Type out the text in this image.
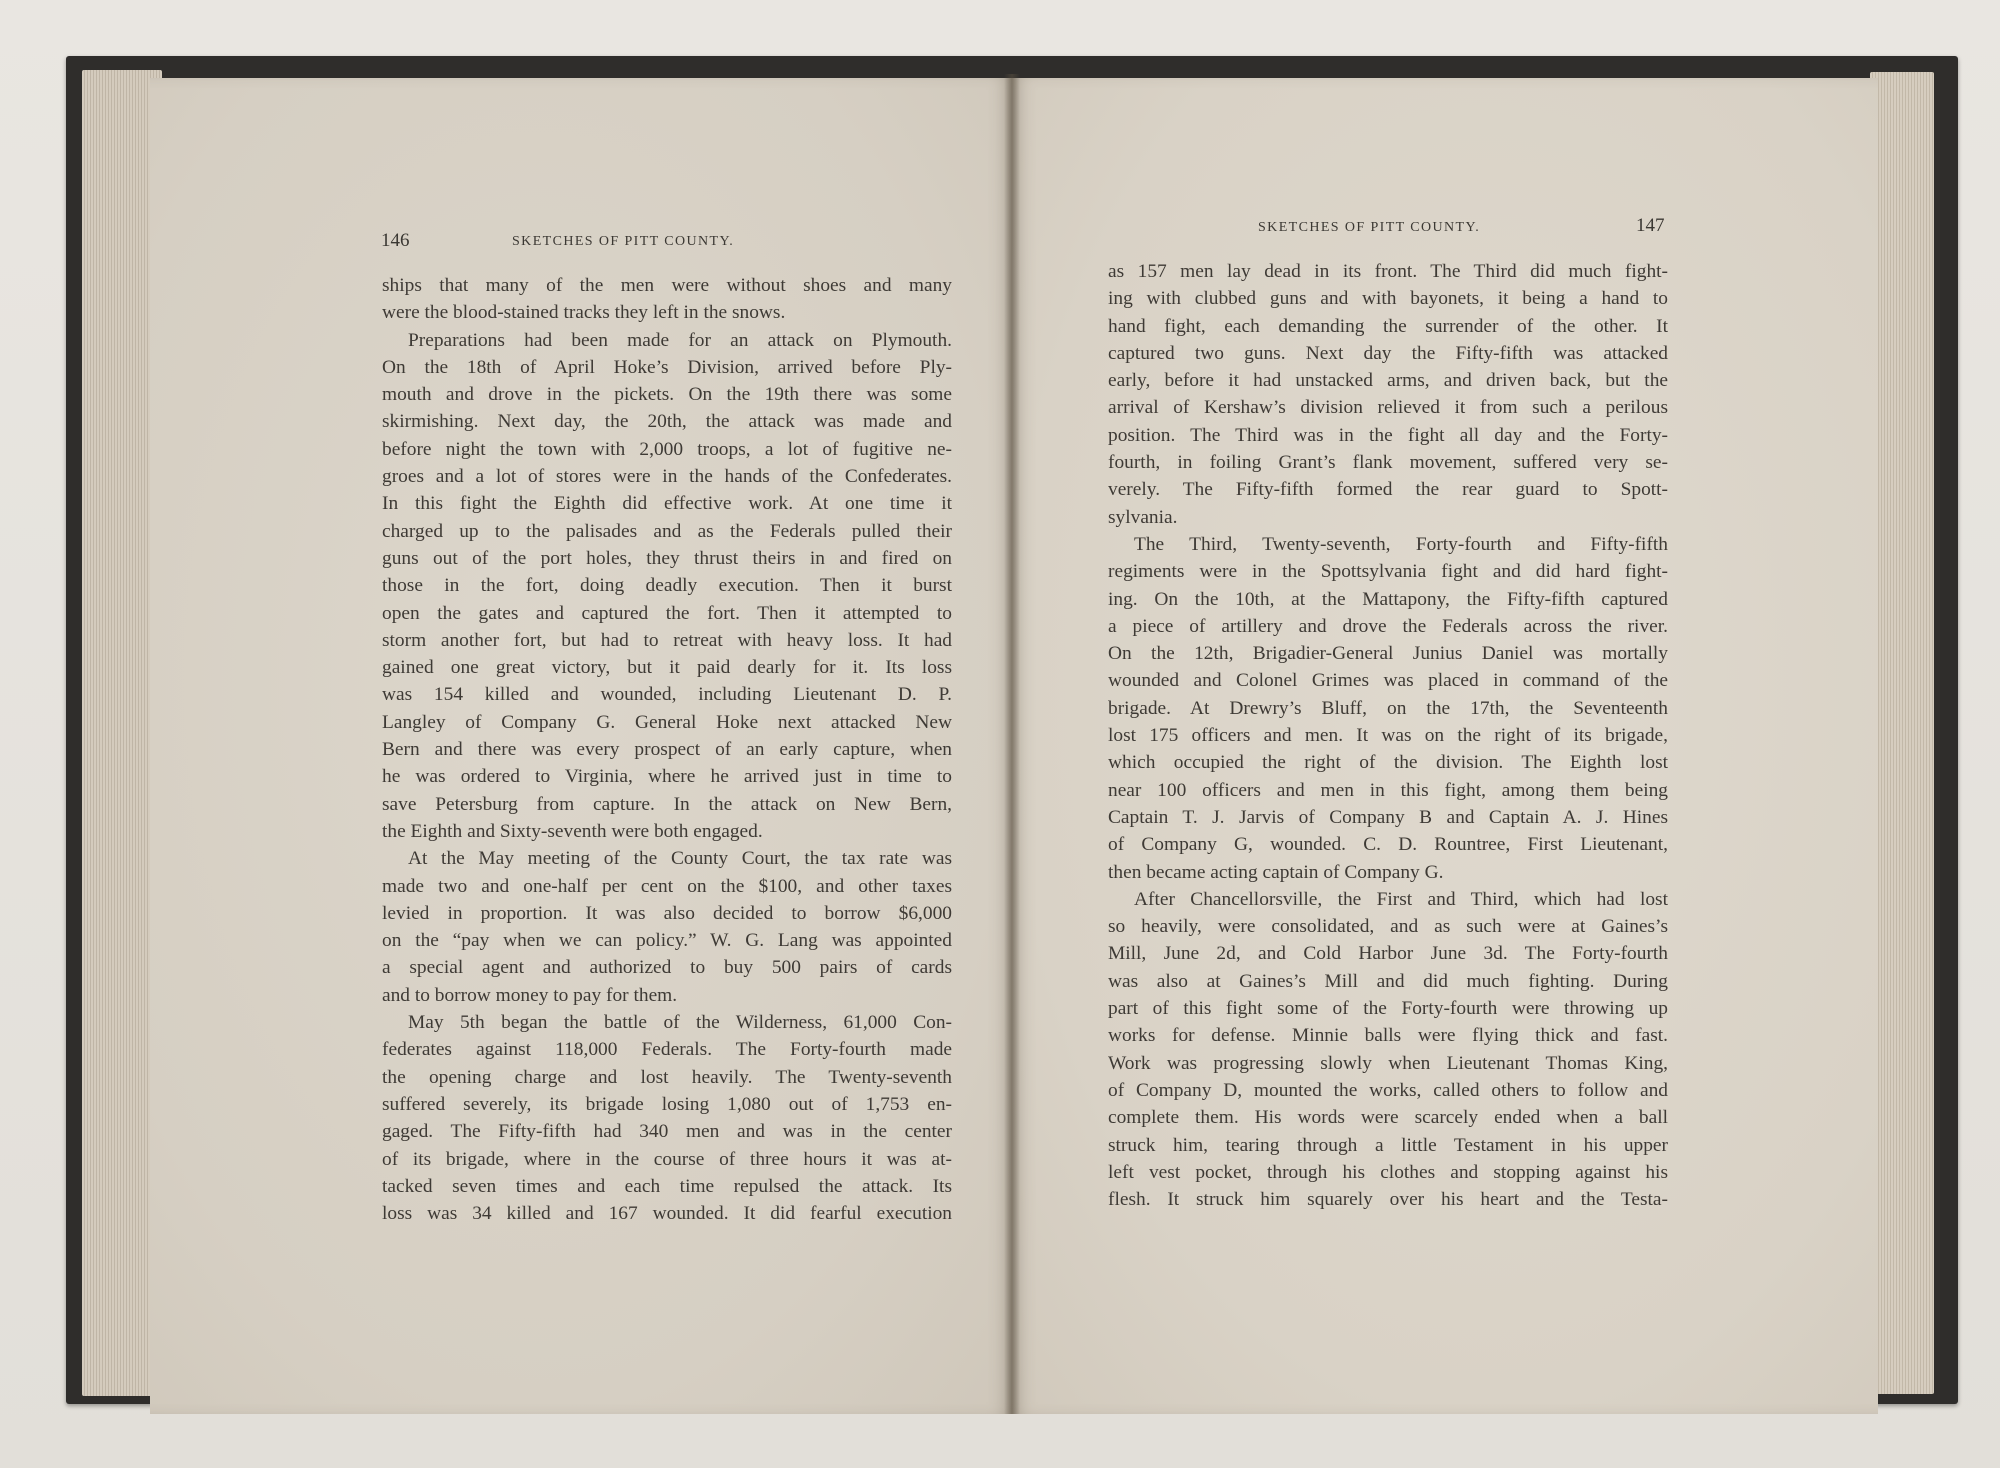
146	SKETCHES OF PITT COUNTY.
SKETCHES OF PITT COUNTY.	147
ships that many of the men were without shoes and many
were the blood-stained tracks they left in the snows.
Preparations had been made for an attack on Plymouth.
On the 18th of April Hoke’s Division, arrived before Ply-
mouth and drove in the pickets. On the 19th there was some
skirmishing. Next day, the 20th, the attack was made and
before night the town with 2,000 troops, a lot of fugitive ne-
groes and a lot of stores were in the hands of the Confederates.
In this fight the Eighth did effective work. At one time it
charged up to the palisades and as the Federals pulled their
guns out of the port holes, they thrust theirs in and fired on
those in the fort, doing deadly execution. Then it burst
open the gates and captured the fort. Then it attempted to
storm another fort, but had to retreat with heavy loss. It had
gained one great victory, but it paid dearly for it. Its loss
was 154 killed and wounded, including Lieutenant D. P.
Langley of Company G. General Hoke next attacked New
Bern and there was every prospect of an early capture, when
he was ordered to Virginia, where he arrived just in time to
save Petersburg from capture. In the attack on New Bern,
the Eighth and Sixty-seventh were both engaged.
At the May meeting of the County Court, the tax rate was
made two and one-half per cent on the $100, and other taxes
levied in proportion. It was also decided to borrow $6,000
on the “pay when we can policy.” W. G. Lang was appointed
a special agent and authorized to buy 500 pairs of cards
and to borrow money to pay for them.
May 5th began the battle of the Wilderness, 61,000 Con-
federates against 118,000 Federals. The Forty-fourth made
the opening charge and lost heavily. The Twenty-seventh
suffered severely, its brigade losing 1,080 out of 1,753 en-
gaged. The Fifty-fifth had 340 men and was in the center
of its brigade, where in the course of three hours it was at-
tacked seven times and each time repulsed the attack. Its
loss was 34 killed and 167 wounded. It did fearful execution
as 157 men lay dead in its front. The Third did much fight-
ing with clubbed guns and with bayonets, it being a hand to
hand fight, each demanding the surrender of the other. It
captured two guns. Next day the Fifty-fifth was attacked
early, before it had unstacked arms, and driven back, but the
arrival of Kershaw’s division relieved it from such a perilous
position. The Third was in the fight all day and the Forty-
fourth, in foiling Grant’s flank movement, suffered very se-
verely. The Fifty-fifth formed the rear guard to Spott-
sylvania.
The Third, Twenty-seventh, Forty-fourth and Fifty-fifth
regiments were in the Spottsylvania fight and did hard fight-
ing. On the 10th, at the Mattapony, the Fifty-fifth captured
a piece of artillery and drove the Federals across the river.
On the 12th, Brigadier-General Junius Daniel was mortally
wounded and Colonel Grimes was placed in command of the
brigade. At Drewry’s Bluff, on the 17th, the Seventeenth
lost 175 officers and men. It was on the right of its brigade,
which occupied the right of the division. The Eighth lost
near 100 officers and men in this fight, among them being
Captain T. J. Jarvis of Company B and Captain A. J. Hines
of Company G, wounded. C. D. Rountree, First Lieutenant,
then became acting captain of Company G.
After Chancellorsville, the First and Third, which had lost
so heavily, were consolidated, and as such were at Gaines’s
Mill, June 2d, and Cold Harbor June 3d. The Forty-fourth
was also at Gaines’s Mill and did much fighting. During
part of this fight some of the Forty-fourth were throwing up
works for defense. Minnie balls were flying thick and fast.
Work was progressing slowly when Lieutenant Thomas King,
of Company D, mounted the works, called others to follow and
complete them. His words were scarcely ended when a ball
struck him, tearing through a little Testament in his upper
left vest pocket, through his clothes and stopping against his
flesh. It struck him squarely over his heart and the Testa-
